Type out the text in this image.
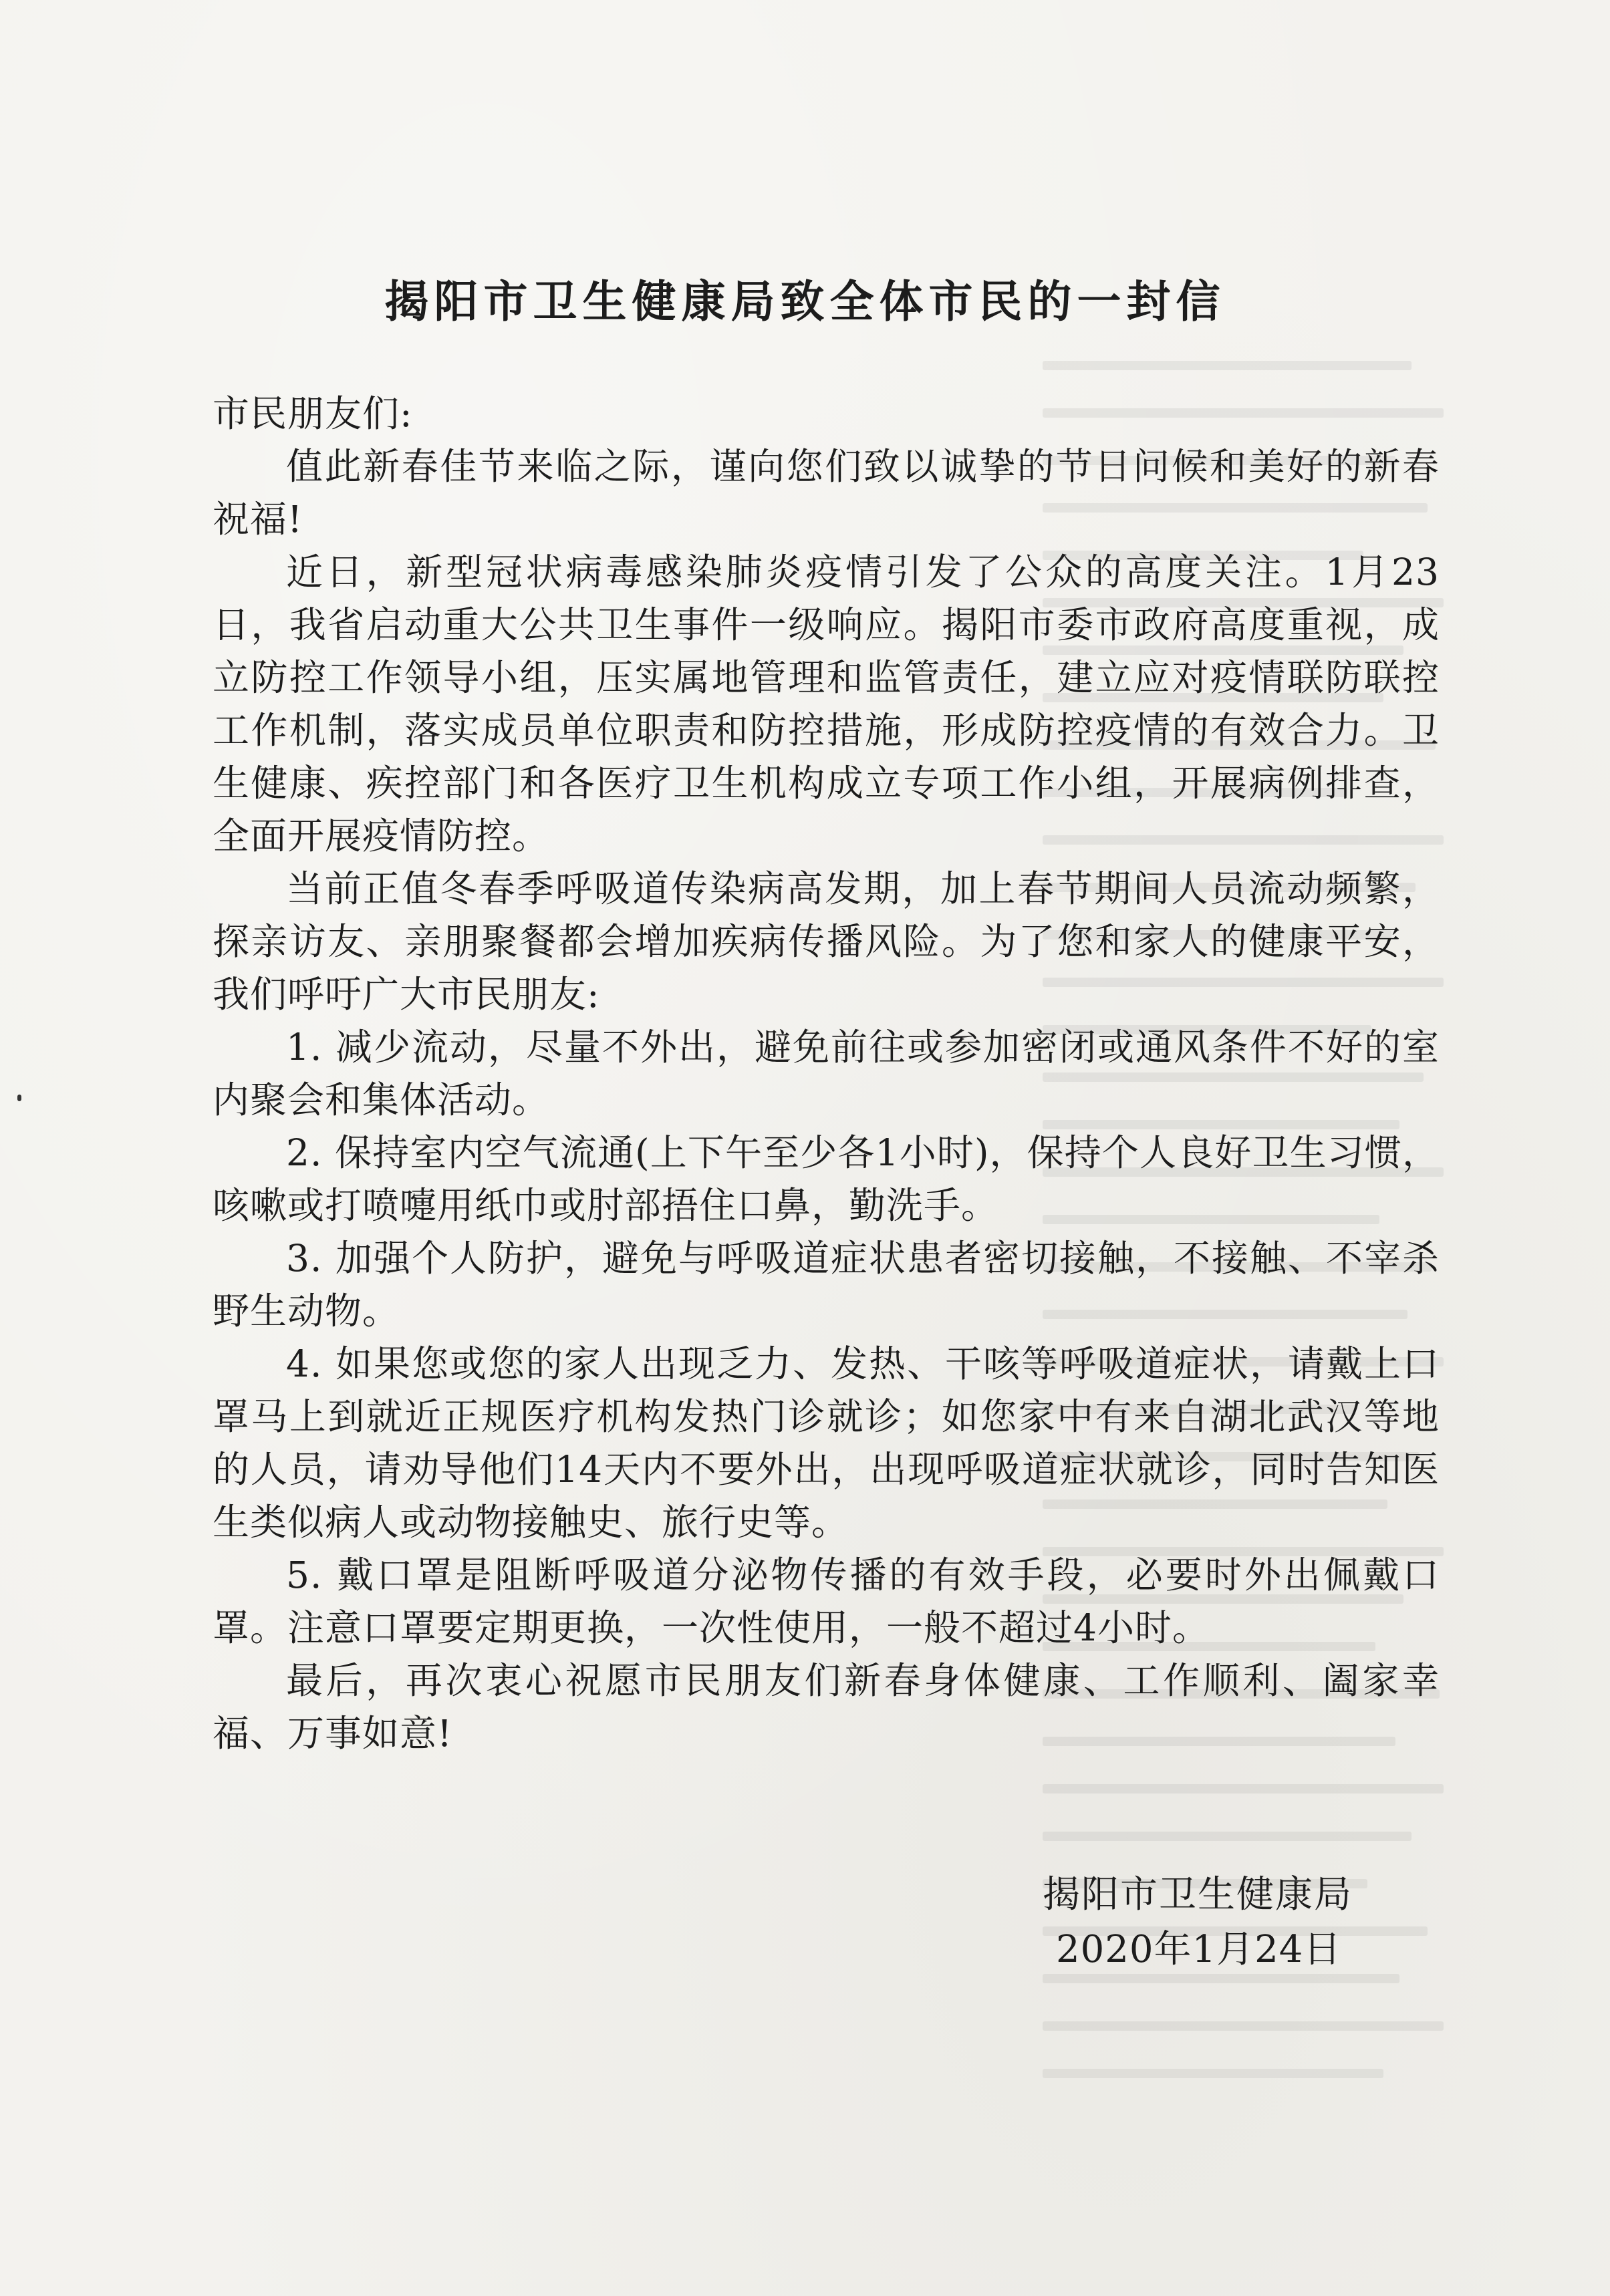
揭阳市卫生健康局致全体市民的一封信

市民朋友们:

值此新春佳节来临之际，谨向您们致以诚挚的节日问候和美好的新春祝福!

近日，新型冠状病毒感染肺炎疫情引发了公众的高度关注。1月23日，我省启动重大公共卫生事件一级响应。揭阳市委市政府高度重视，成立防控工作领导小组，压实属地管理和监管责任，建立应对疫情联防联控工作机制，落实成员单位职责和防控措施，形成防控疫情的有效合力。卫生健康、疾控部门和各医疗卫生机构成立专项工作小组，开展病例排查，全面开展疫情防控。

当前正值冬春季呼吸道传染病高发期，加上春节期间人员流动频繁，探亲访友、亲朋聚餐都会增加疾病传播风险。为了您和家人的健康平安，我们呼吁广大市民朋友:

1. 减少流动，尽量不外出，避免前往或参加密闭或通风条件不好的室内聚会和集体活动。

2. 保持室内空气流通(上下午至少各1小时)，保持个人良好卫生习惯，咳嗽或打喷嚏用纸巾或肘部捂住口鼻，勤洗手。

3. 加强个人防护，避免与呼吸道症状患者密切接触，不接触、不宰杀野生动物。

4. 如果您或您的家人出现乏力、发热、干咳等呼吸道症状，请戴上口罩马上到就近正规医疗机构发热门诊就诊；如您家中有来自湖北武汉等地的人员，请劝导他们14天内不要外出，出现呼吸道症状就诊，同时告知医生类似病人或动物接触史、旅行史等。

5. 戴口罩是阻断呼吸道分泌物传播的有效手段，必要时外出佩戴口罩。注意口罩要定期更换，一次性使用，一般不超过4小时。

最后，再次衷心祝愿市民朋友们新春身体健康、工作顺利、阖家幸福、万事如意!

揭阳市卫生健康局
2020年1月24日
